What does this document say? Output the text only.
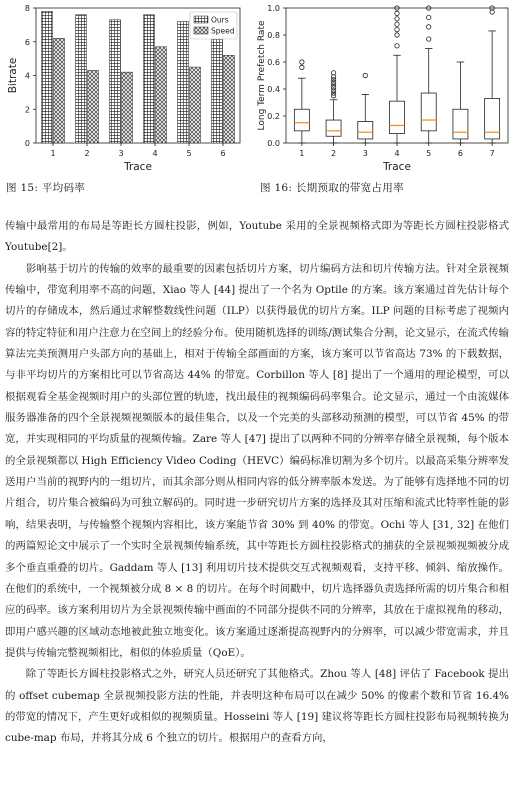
0
2
4
6
8
1	2	3	4	5	6
Trace
Bitrate
Ours
Speed
0.0
0.2
0.4
0.6
0.8
1.0
1	2	3	4	5	6	7
Trace
Long Term Prefetch Rate
图 15: 平均码率	图 16: 长期预取的带宽占用率

传输中最常用的布局是等距长方圆柱投影，例如，Youtube 采用的全景视频格式即为等距长方圆柱投影格式 Youtube[2]。

影响基于切片的传输的效率的最重要的因素包括切片方案，切片编码方法和切片传输方法。针对全景视频传输中，带宽利用率不高的问题，Xiao 等人 [44] 提出了一个名为 Optile 的方案。该方案通过首先估计每个切片的存储成本，然后通过求解整数线性问题（ILP）以获得最优的切片方案。ILP 问题的目标考虑了视频内容的特定特征和用户注意力在空间上的经验分布。使用随机选择的训练/测试集合分割，论文显示，在流式传输算法完美预测用户头部方向的基础上，相对于传输全部画面的方案，该方案可以节省高达 73% 的下载数据，与非平均切片的方案相比可以节省高达 44% 的带宽。Corbillon 等人 [8] 提出了一个通用的理论模型，可以根据观看全基金视频时用户的头部位置的轨迹，找出最佳的视频编码码率集合。论文显示，通过一个由流媒体服务器准备的四个全景视频视频版本的最佳集合，以及一个完美的头部移动预测的模型，可以节省 45% 的带宽，并实现相同的平均质量的视频传输。Zare 等人 [47] 提出了以两种不同的分辨率存储全景视频，每个版本的全景视频都以 High Efficiency Video Coding（HEVC）编码标准切割为多个切片。以最高采集分辨率发送用户当前的视野内的一组切片，而其余部分则从相同内容的低分辨率版本发送。为了能够有选择地不同的切片组合，切片集合被编码为可独立解码的。同时进一步研究切片方案的选择及其对压缩和流式比特率性能的影响，结果表明，与传输整个视频内容相比，该方案能节省 30% 到 40% 的带宽。Ochi 等人 [31, 32] 在他们的两篇短论文中展示了一个实时全景视频传输系统，其中等距长方圆柱投影格式的捕获的全景视频视频被分成多个垂直重叠的切片。Gaddam 等人 [13] 利用切片技术提供交互式视频观看，支持平移、倾斜、缩放操作。在他们的系统中，一个视频被分成 8 × 8 的切片。在每个时间戳中，切片选择器负责选择所需的切片集合和相应的码率。该方案利用切片为全景视频传输中画面的不同部分提供不同的分辨率，其放在于虚拟视角的移动，即用户感兴趣的区域动态地被此独立地变化。该方案通过逐渐提高视野内的分辨率，可以减少带宽需求，并且提供与传输完整视频相比，相似的体验质量（QoE）。

除了等距长方圆柱投影格式之外，研究人员还研究了其他格式。Zhou 等人 [48] 评估了 Facebook 提出的 offset cubemap 全景视频投影方法的性能，并表明这种布局可以在减少 50% 的像素个数和节省 16.4% 的带宽的情况下，产生更好或相似的视频质量。Hosseini 等人 [19] 建议将等距长方圆柱投影布局视频转换为 cube-map 布局，并将其分成 6 个独立的切片。根据用户的查看方向，
